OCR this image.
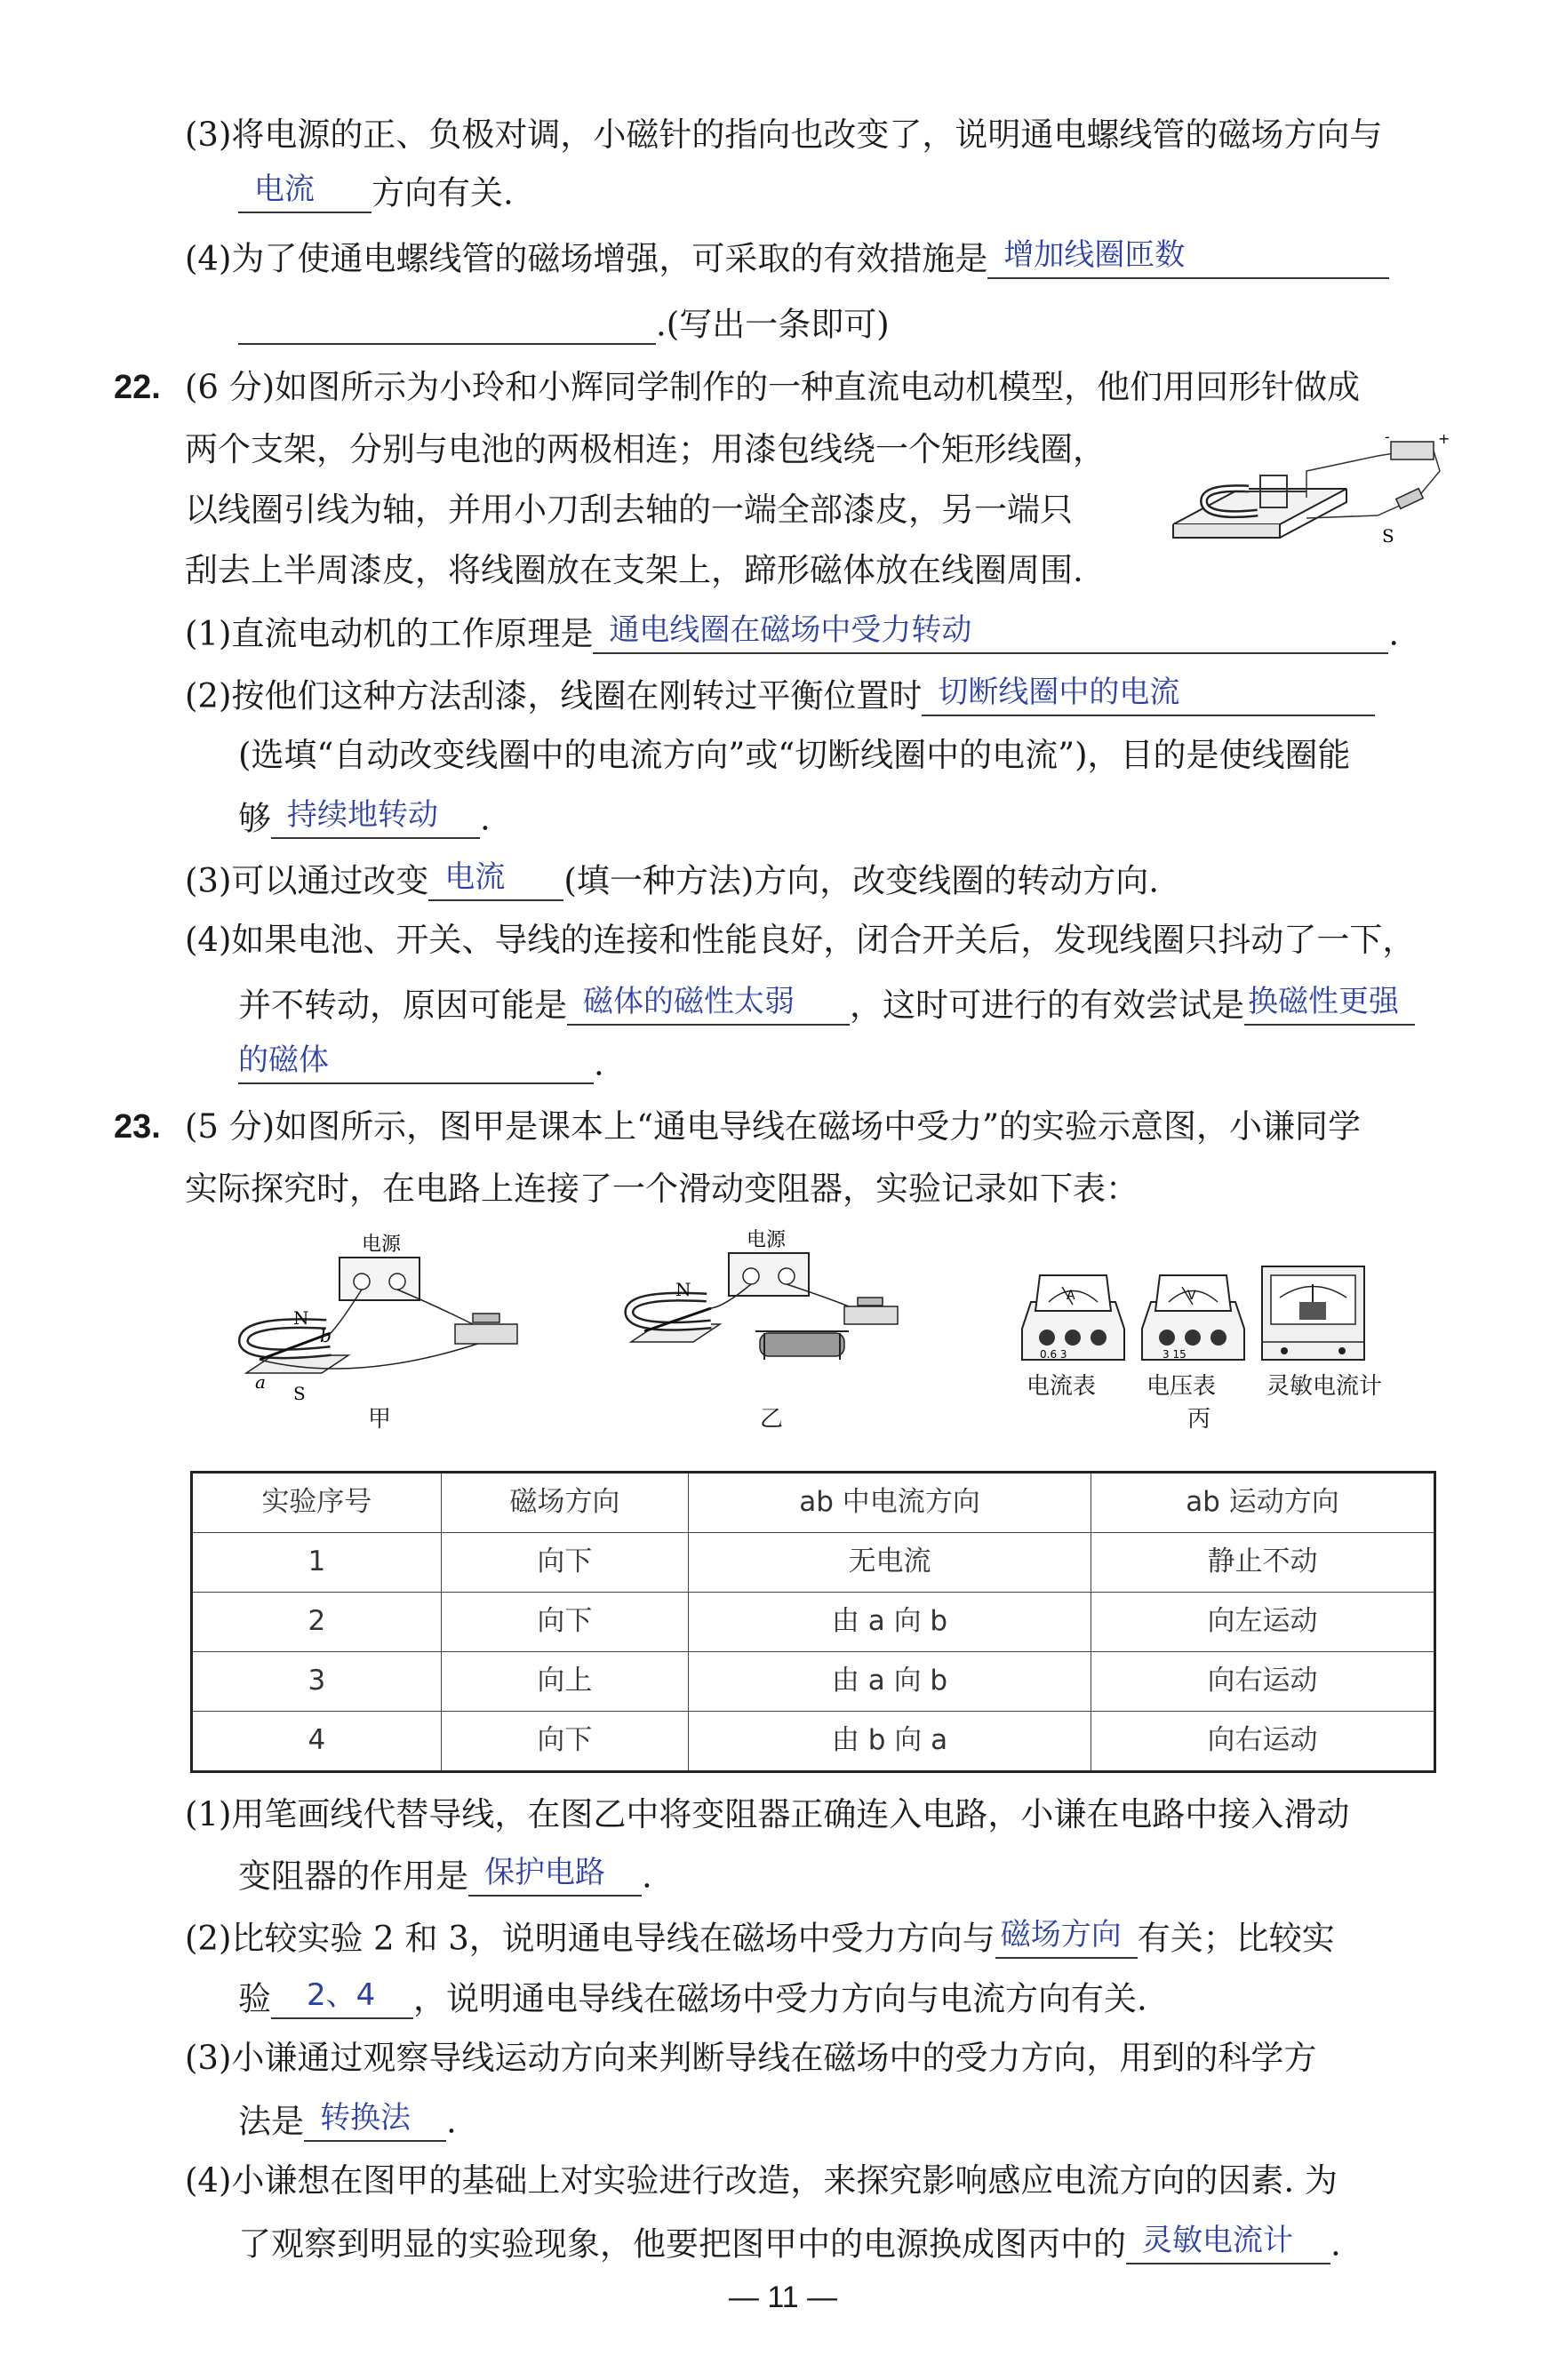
(3)将电源的正、负极对调，小磁针的指向也改变了，说明通电螺线管的磁场方向与
电流 方向有关.
(4)为了使通电螺线管的磁场增强，可采取的有效措施是 增加线圈匝数
.(写出一条即可)
22. (6 分)如图所示为小玲和小辉同学制作的一种直流电动机模型，他们用回形针做成
两个支架，分别与电池的两极相连；用漆包线绕一个矩形线圈，
以线圈引线为轴，并用小刀刮去轴的一端全部漆皮，另一端只
刮去上半周漆皮，将线圈放在支架上，蹄形磁体放在线圈周围.
-	+
S
(1)直流电动机的工作原理是 通电线圈在磁场中受力转动	.
(2)按他们这种方法刮漆，线圈在刚转过平衡位置时 切断线圈中的电流
(选填“自动改变线圈中的电流方向”或“切断线圈中的电流”)，目的是使线圈能
够 持续地转动 .
(3)可以通过改变 电流 (填一种方法)方向，改变线圈的转动方向.
(4)如果电池、开关、导线的连接和性能良好，闭合开关后，发现线圈只抖动了一下，
并不转动，原因可能是 磁体的磁性太弱 ，这时可进行的有效尝试是 换磁性更强
的磁体	.
23. (5 分)如图所示，图甲是课本上“通电导线在磁场中受力”的实验示意图，小谦同学
实际探究时，在电路上连接了一个滑动变阻器，实验记录如下表：
电源
N
S
a
b
甲
电源
N
乙
A
0.6 3
V
3 15
电流表 电压表 灵敏电流计
丙
实验序号	磁场方向	ab 中电流方向	ab 运动方向
1	向下	无电流	静止不动
2	向下	由 a 向 b	向左运动
3	向上	由 a 向 b	向右运动
4	向下	由 b 向 a	向右运动
(1)用笔画线代替导线，在图乙中将变阻器正确连入电路，小谦在电路中接入滑动
变阻器的作用是 保护电路 .
(2)比较实验 2 和 3，说明通电导线在磁场中受力方向与 磁场方向 有关；比较实
验 2、4 ，说明通电导线在磁场中受力方向与电流方向有关.
(3)小谦通过观察导线运动方向来判断导线在磁场中的受力方向，用到的科学方
法是 转换法 .
(4)小谦想在图甲的基础上对实验进行改造，来探究影响感应电流方向的因素. 为
了观察到明显的实验现象，他要把图甲中的电源换成图丙中的 灵敏电流计 .
— 11 —
